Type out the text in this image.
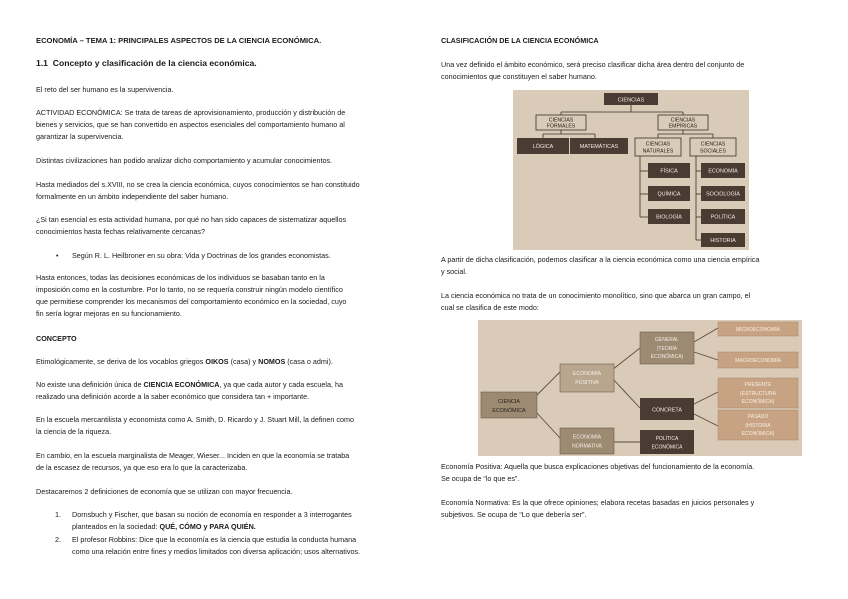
ECONOMÍA – TEMA 1: PRINCIPALES ASPECTOS DE LA CIENCIA ECONÓMICA.

1.1 Concepto y clasificación de la ciencia económica.

El reto del ser humano es la supervivencia.

ACTIVIDAD ECONÓMICA: Se trata de tareas de aprovisionamiento, producción y distribución de

bienes y servicios, que se han convertido en aspectos esenciales del comportamiento humano al

garantizar la supervivencia.

Distintas civilizaciones han podido analizar dicho comportamiento y acumular conocimientos.

Hasta mediados del s.XVIII, no se crea la ciencia económica, cuyos conocimientos se han constituido

formalmente en un ámbito independiente del saber humano.

¿Si tan esencial es esta actividad humana, por qué no han sido capaces de sistematizar aquellos

conocimientos hasta fechas relativamente cercanas?

• Según R. L. Heilbroner en su obra: Vida y Doctrinas de los grandes economistas.

Hasta entonces, todas las decisiones económicas de los individuos se basaban tanto en la

imposición como en la costumbre. Por lo tanto, no se requería construir ningún modelo científico

que permitiese comprender los mecanismos del comportamiento económico en la sociedad, cuyo

fin sería lograr mejoras en su funcionamiento.

CONCEPTO

Etimológicamente, se deriva de los vocablos griegos OIKOS (casa) y NOMOS (casa o admi).

No existe una definición única de CIENCIA ECONÓMICA, ya que cada autor y cada escuela, ha

realizado una definición acorde a la saber económico que considera tan + importante.

En la escuela mercantilista y economista como A. Smith, D. Ricardo y J. Stuart Mill, la definen como

la ciencia de la riqueza.

En cambio, en la escuela marginalista de Meager, Wieser... Inciden en que la economía se trataba

de la escasez de recursos, ya que eso era lo que la caracterizaba.

Destacaremos 2 definiciones de economía que se utilizan con mayor frecuencia.

1. Dornsbuch y Fischer, que basan su noción de economía en responder a 3 interrogantes

planteados en la sociedad: QUÉ, CÓMO y PARA QUIÉN.

2. El profesor Robbins: Dice que la economía es la ciencia que estudia la conducta humana

como una relación entre fines y medios limitados con diversa aplicación; usos alternativos.

CLASIFICACIÓN DE LA CIENCIA ECONÓMICA

Una vez definido el ámbito económico, será preciso clasificar dicha área dentro del conjunto de

conocimientos que constituyen el saber humano.

CIENCIAS
CIENCIAS
FORMALES
CIENCIAS
EMPÍRICAS
LÓGICA	MATEMÁTICAS	CIENCIAS
NATURALES
CIENCIAS
SOCIALES
FÍSICA
QUÍMICA
BIOLOGÍA
ECONOMÍA
SOCIOLOGÍA
POLÍTICA
HISTORIA

A partir de dicha clasificación, podemos clasificar a la ciencia económica como una ciencia empírica

y social.

La ciencia económica no trata de un conocimiento monolítico, sino que abarca un gran campo, el

cual se clasifica de este modo:

CIENCIA
ECONÓMICA
ECONOMÍA
POSITIVA
ECONOMÍA
NORMATIVA
GENERAL
(TEORÍA
ECONÓMICA)
CONCRETA
POLÍTICA
ECONÓMICA
MICROECONOMÍA
MACROECONOMÍA
PRESENTE
(ESTRUCTURA
ECONÓMICA)
PASADO
(HISTORIA
ECONÓMICA)

Economía Positiva: Aquella que busca explicaciones objetivas del funcionamiento de la economía.

Se ocupa de “lo que es”.

Economía Normativa: Es la que ofrece opiniones; elabora recetas basadas en juicios personales y

subjetivos. Se ocupa de “Lo que debería ser”.
